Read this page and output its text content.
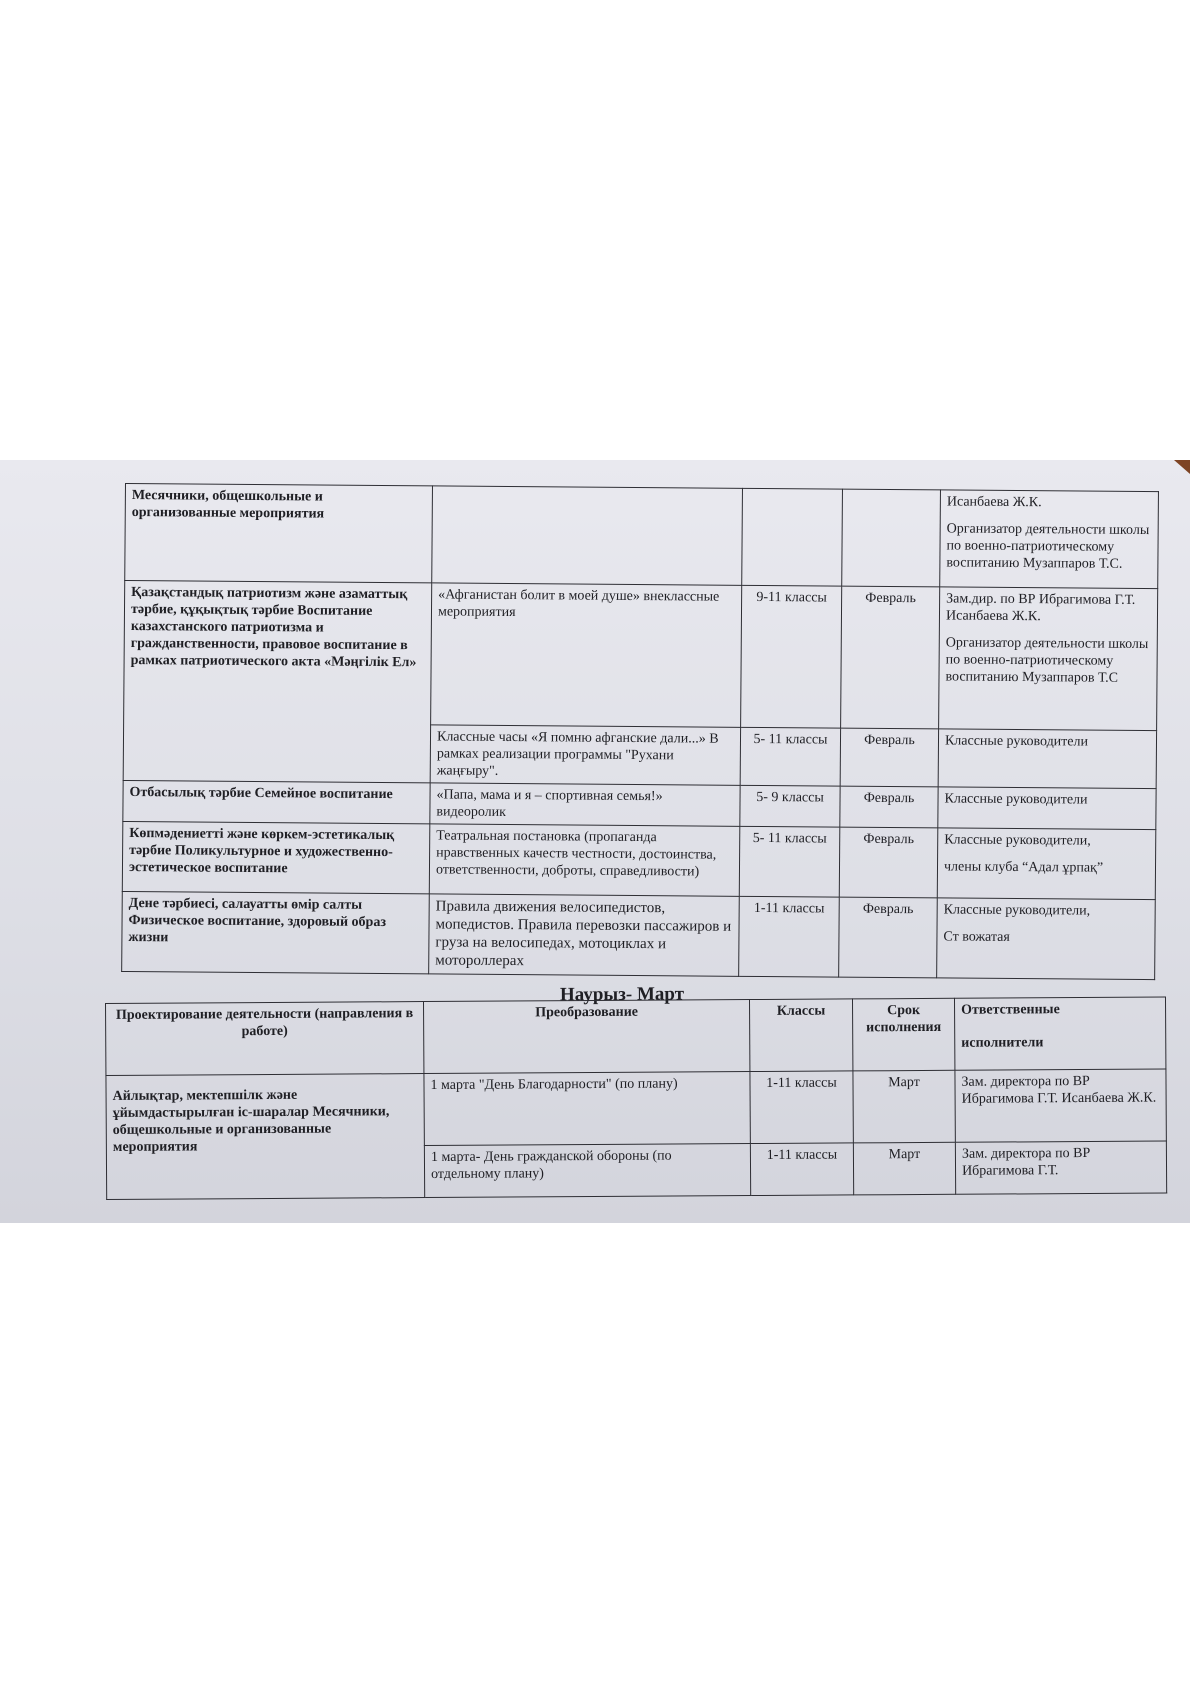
Месячники, общешкольные и организованные мероприятия				Исанбаева Ж.К.
Организатор деятельности школы по военно-патриотическому воспитанию Музаппаров Т.С.

Қазақстандық патриотизм және азаматтық тәрбие, құқықтық тәрбие Воспитание казахстанского патриотизма и гражданственности, правовое воспитание в рамках патриотического акта «Мәңгілік Ел»	«Афганистан болит в моей душе» внеклассные мероприятия	9-11 классы	Февраль	Зам.дир. по ВР Ибрагимова Г.Т. Исанбаева Ж.К.
Организатор деятельности школы по военно-патриотическому воспитанию Музаппаров Т.С

	Классные часы «Я помню афганские дали...» В рамках реализации программы "Рухани жаңғыру".	5- 11 классы	Февраль	Классные руководители
Отбасылық тәрбие Семейное воспитание	«Папа, мама и я – спортивная семья!» видеоролик	5- 9 классы	Февраль	Классные руководители
Көпмәдениетті және көркем-эстетикалық тәрбие Поликультурное и художественно-эстетическое воспитание	Театральная постановка (пропаганда нравственных качеств честности, достоинства, ответственности, доброты, справедливости)	5- 11 классы	Февраль	Классные руководители,
члены клуба “Адал ұрпақ”

Дене тәрбиесі, салауатты өмір салты Физическое воспитание, здоровый образ жизни	Правила движения велосипедистов, мопедистов. Правила перевозки пассажиров и груза на велосипедах, мотоциклах и мотороллерах	1-11 классы	Февраль	Классные руководители,
Ст вожатая
Наурыз- Март
Проектирование деятельности (направления в работе)	Преобразование	Классы	Срок исполнения	Ответственные
исполнители

Айлықтар, мектепшілк және ұйымдастырылған іс-шаралар Месячники, общешкольные и организованные мероприятия	1 марта "День Благодарности" (по плану)	1-11 классы	Март	Зам. директора по ВР Ибрагимова Г.Т. Исанбаева Ж.К.
	1 марта- День гражданской обороны (по отдельному плану)	1-11 классы	Март	Зам. директора по ВР Ибрагимова Г.Т.
